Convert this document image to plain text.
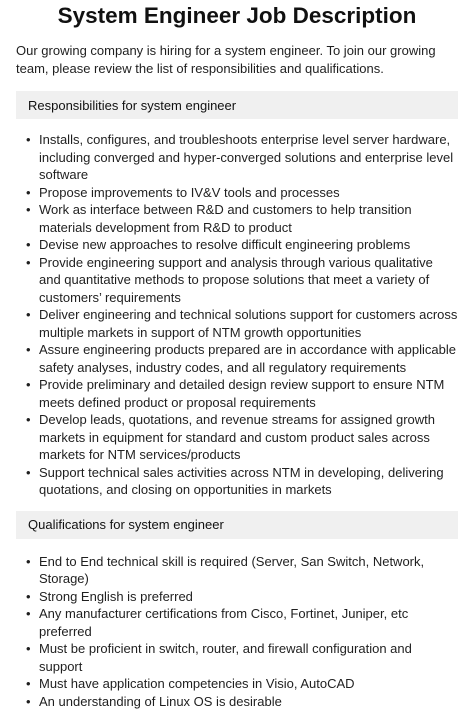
System Engineer Job Description

Our growing company is hiring for a system engineer. To join our growing team, please review the list of responsibilities and qualifications.

Responsibilities for system engineer
• Installs, configures, and troubleshoots enterprise level server hardware, including converged and hyper-converged solutions and enterprise level software
• Propose improvements to IV&V tools and processes
• Work as interface between R&D and customers to help transition materials development from R&D to product
• Devise new approaches to resolve difficult engineering problems
• Provide engineering support and analysis through various qualitative and quantitative methods to propose solutions that meet a variety of customers’ requirements
• Deliver engineering and technical solutions support for customers across multiple markets in support of NTM growth opportunities
• Assure engineering products prepared are in accordance with applicable safety analyses, industry codes, and all regulatory requirements
• Provide preliminary and detailed design review support to ensure NTM meets defined product or proposal requirements
• Develop leads, quotations, and revenue streams for assigned growth markets in equipment for standard and custom product sales across markets for NTM services/products
• Support technical sales activities across NTM in developing, delivering quotations, and closing on opportunities in markets
Qualifications for system engineer
• End to End technical skill is required (Server, San Switch, Network, Storage)
• Strong English is preferred
• Any manufacturer certifications from Cisco, Fortinet, Juniper, etc preferred
• Must be proficient in switch, router, and firewall configuration and support
• Must have application competencies in Visio, AutoCAD
• An understanding of Linux OS is desirable
